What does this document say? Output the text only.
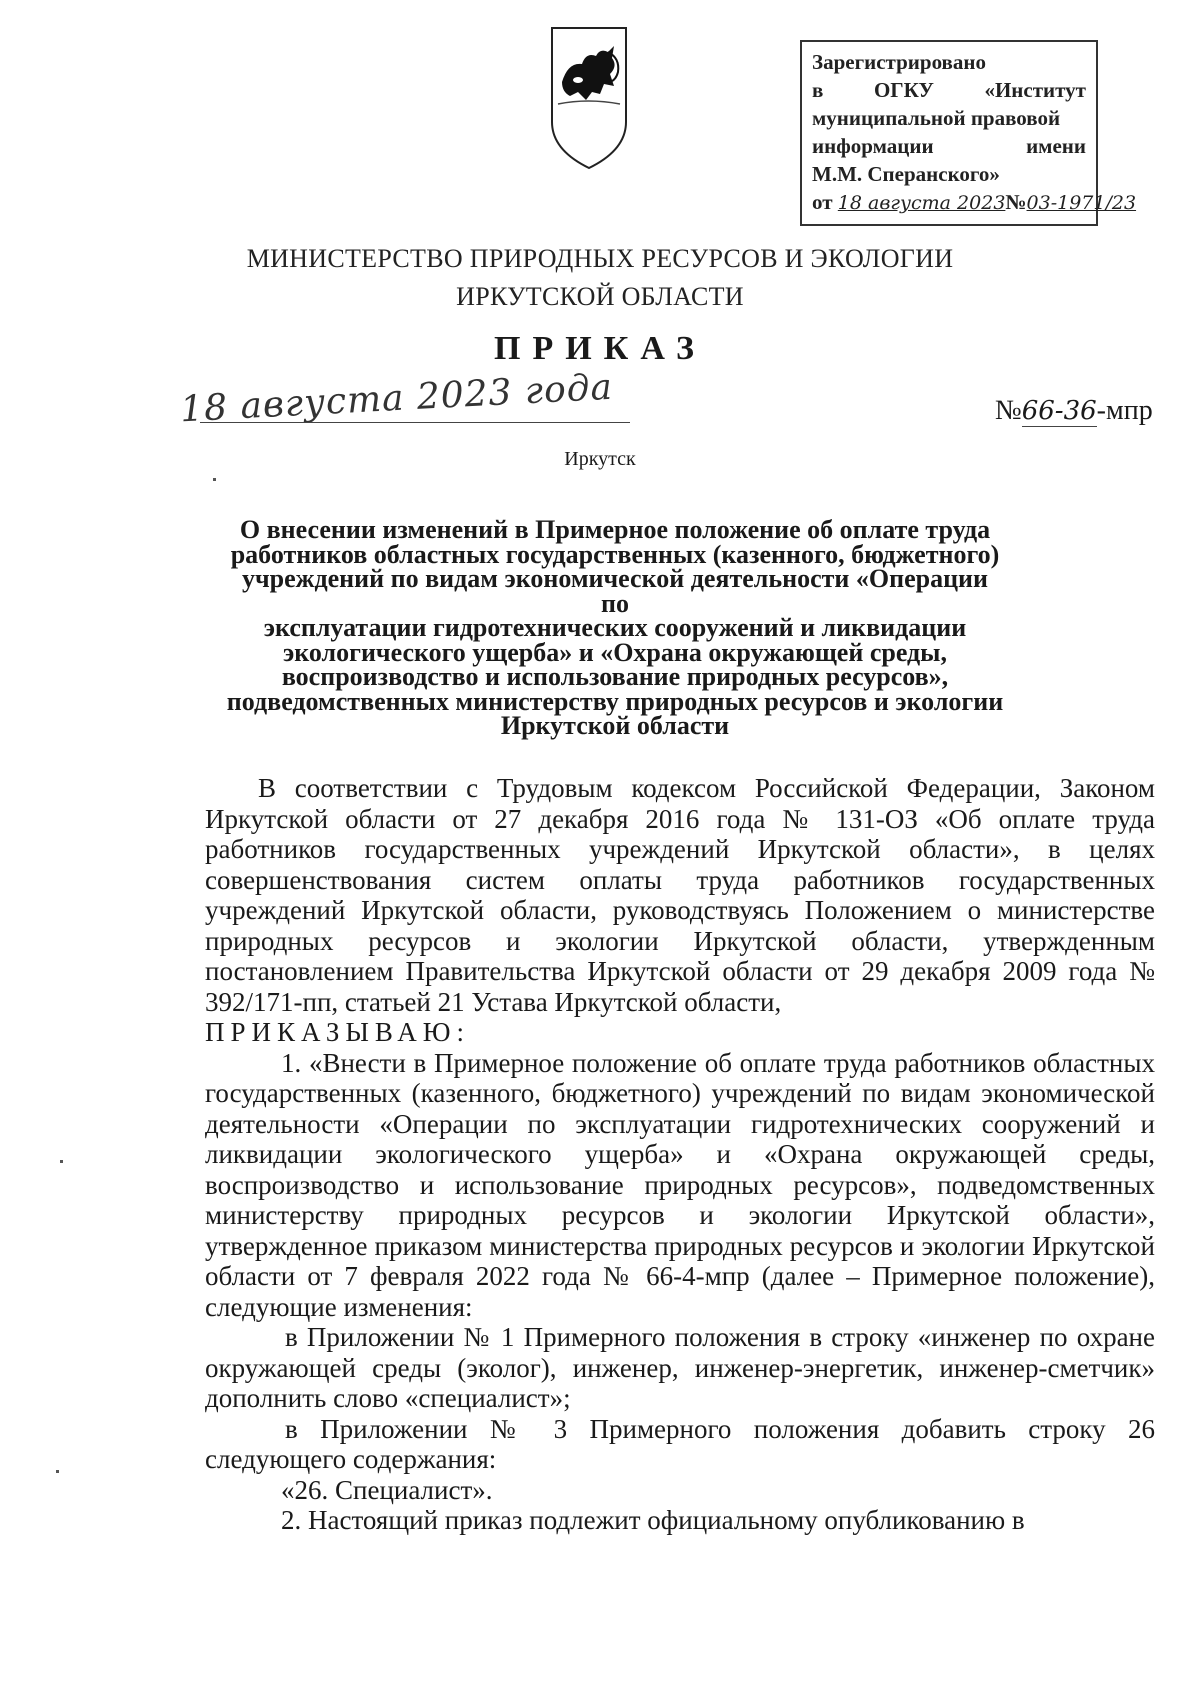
Зарегистрировано
в ОГКУ «Институт
муниципальной правовой
информации	имени
М.М. Сперанского»
от 18 августа 2023№03-1971/23
МИНИСТЕРСТВО ПРИРОДНЫХ РЕСУРСОВ И ЭКОЛОГИИ
ИРКУТСКОЙ ОБЛАСТИ
ПРИКАЗ
18 августа 2023 года	№66-36-мпр
Иркутск
О внесении изменений в Примерное положение об оплате труда
работников областных государственных (казенного, бюджетного)
учреждений по видам экономической деятельности «Операции по
эксплуатации гидротехнических сооружений и ликвидации
экологического ущерба» и «Охрана окружающей среды,
воспроизводство и использование природных ресурсов»,
подведомственных министерству природных ресурсов и экологии
Иркутской области

В соответствии с Трудовым кодексом Российской Федерации, Законом Иркутской области от 27 декабря 2016 года № 131-ОЗ «Об оплате труда работников государственных учреждений Иркутской области», в целях совершенствования систем оплаты труда работников государственных учреждений Иркутской области, руководствуясь Положением о министерстве природных ресурсов и экологии Иркутской области, утвержденным постановлением Правительства Иркутской области от 29 декабря 2009 года № 392/171-пп, статьей 21 Устава Иркутской области,

ПРИКАЗЫВАЮ:

1. «Внести в Примерное положение об оплате труда работников областных государственных (казенного, бюджетного) учреждений по видам экономической деятельности «Операции по эксплуатации гидротехнических сооружений и ликвидации экологического ущерба» и «Охрана окружающей среды, воспроизводство и использование природных ресурсов», подведомственных министерству природных ресурсов и экологии Иркутской области», утвержденное приказом министерства природных ресурсов и экологии Иркутской области от 7 февраля 2022 года № 66-4-мпр (далее – Примерное положение), следующие изменения:

в Приложении № 1 Примерного положения в строку «инженер по охране окружающей среды (эколог), инженер, инженер-энергетик, инженер-сметчик» дополнить слово «специалист»;

в Приложении № 3 Примерного положения добавить строку 26 следующего содержания:

«26. Специалист».

2. Настоящий приказ подлежит официальному опубликованию в
